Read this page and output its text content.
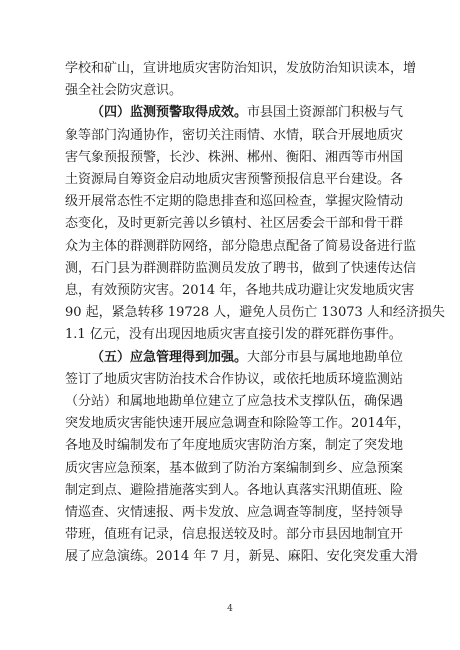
学校和矿山，宣讲地质灾害防治知识，发放防治知识读本，增
强全社会防灾意识。
（四）监测预警取得成效。市县国土资源部门积极与气
象等部门沟通协作，密切关注雨情、水情，联合开展地质灾
害气象预报预警，长沙、株洲、郴州、衡阳、湘西等市州国
土资源局自筹资金启动地质灾害预警预报信息平台建设。各
级开展常态性不定期的隐患排查和巡回检查，掌握灾险情动
态变化，及时更新完善以乡镇村、社区居委会干部和骨干群
众为主体的群测群防网络，部分隐患点配备了简易设备进行监
测，石门县为群测群防监测员发放了聘书，做到了快速传达信
息，有效预防灾害。2014 年，各地共成功避让灾发地质灾害
90 起，紧急转移 19728 人，避免人员伤亡 13073 人和经济损失
1.1 亿元，没有出现因地质灾害直接引发的群死群伤事件。
（五）应急管理得到加强。大部分市县与属地地勘单位
签订了地质灾害防治技术合作协议，或依托地质环境监测站
（分站）和属地地勘单位建立了应急技术支撑队伍，确保遇
突发地质灾害能快速开展应急调查和除险等工作。2014年，
各地及时编制发布了年度地质灾害防治方案，制定了突发地
质灾害应急预案，基本做到了防治方案编制到乡、应急预案
制定到点、避险措施落实到人。各地认真落实汛期值班、险
情巡查、灾情速报、两卡发放、应急调查等制度，坚持领导
带班，值班有记录，信息报送较及时。部分市县因地制宜开
展了应急演练。2014 年 7 月，新晃、麻阳、安化突发重大滑
4
